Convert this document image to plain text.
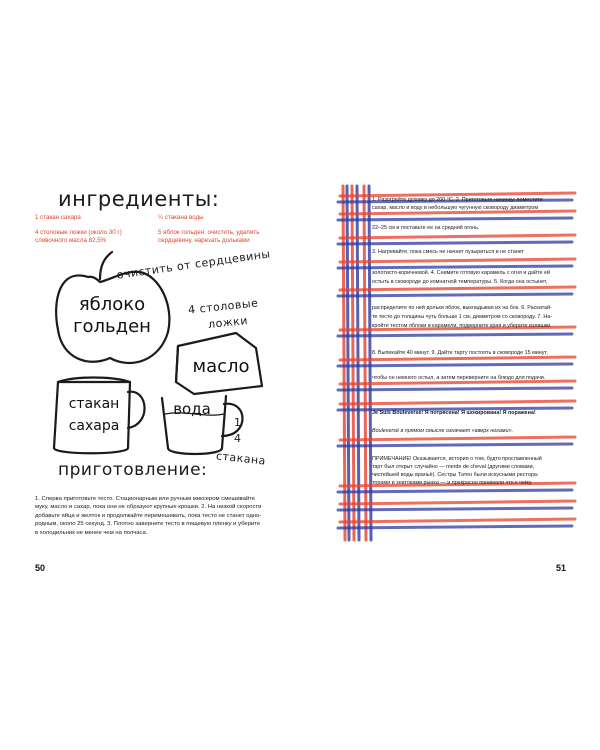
ингредиенты:
1 стакан сахара
4 столовые ложки (около 30 г)
сливочного масла 82,5%
¼ стакана воды
5 яблок гольден: очистить, удалить
сердцевину, нарезать дольками
очистить от сердцевины
яблоко
гольден
4 столовые
ложки
масло
стакан
сахара
вода
1
4
стакана
приготовление:
1. Сперва приготовьте тесто. Стационарным или ручным миксером смешивайте
муку, масло и сахар, пока они не образуют крупные крошки. 2. На низкой скорости
добавьте яйца и желток и продолжайте перемешивать, пока тесто не станет одно-
родным, около 25 секунд. 3. Плотно заверните тесто в пищевую пленку и уберите
в холодильник не менее чем на полчаса.
50
1. Разогрейте духовку до 200 °C. 2. Приготовьте начинку: поместите
сахар, масло и воду в небольшую чугунную сковороду диаметром
22–25 см и поставьте ее на средний огонь.
3. Нагревайте, пока смесь не начнет пузыриться и не станет
золотисто-коричневой. 4. Снимите готовую карамель с огня и дайте ей
остыть в сковороде до комнатной температуры. 5. Когда она остынет,
распределите по ней дольки яблок, выкладывая их на бок. 6. Раскатай-
те тесто до толщины чуть больше 1 см, диаметром со сковороду. 7. На-
кройте тестом яблоки в карамели, подверните края и уберите излишки.
8. Выпекайте 40 минут. 9. Дайте тарту постоять в сковороде 15 минут,
чтобы он немного остыл, а затем переверните на блюдо для подачи.
Je Suis Bouleversé! Я потрясена! Я шокирована! Я поражена!
Bouleversé в прямом смысле означает «вверх ногами».
ПРИМЕЧАНИЕ! Оказывается, история о том, будто прославленный
тарт был открыт случайно — merde de cheval (другими словами,
чистейшей воды враньё). Сестры Татен были искусными рестора-
торами и знатоками рынка — и прекрасно понимали что к чему.
51
